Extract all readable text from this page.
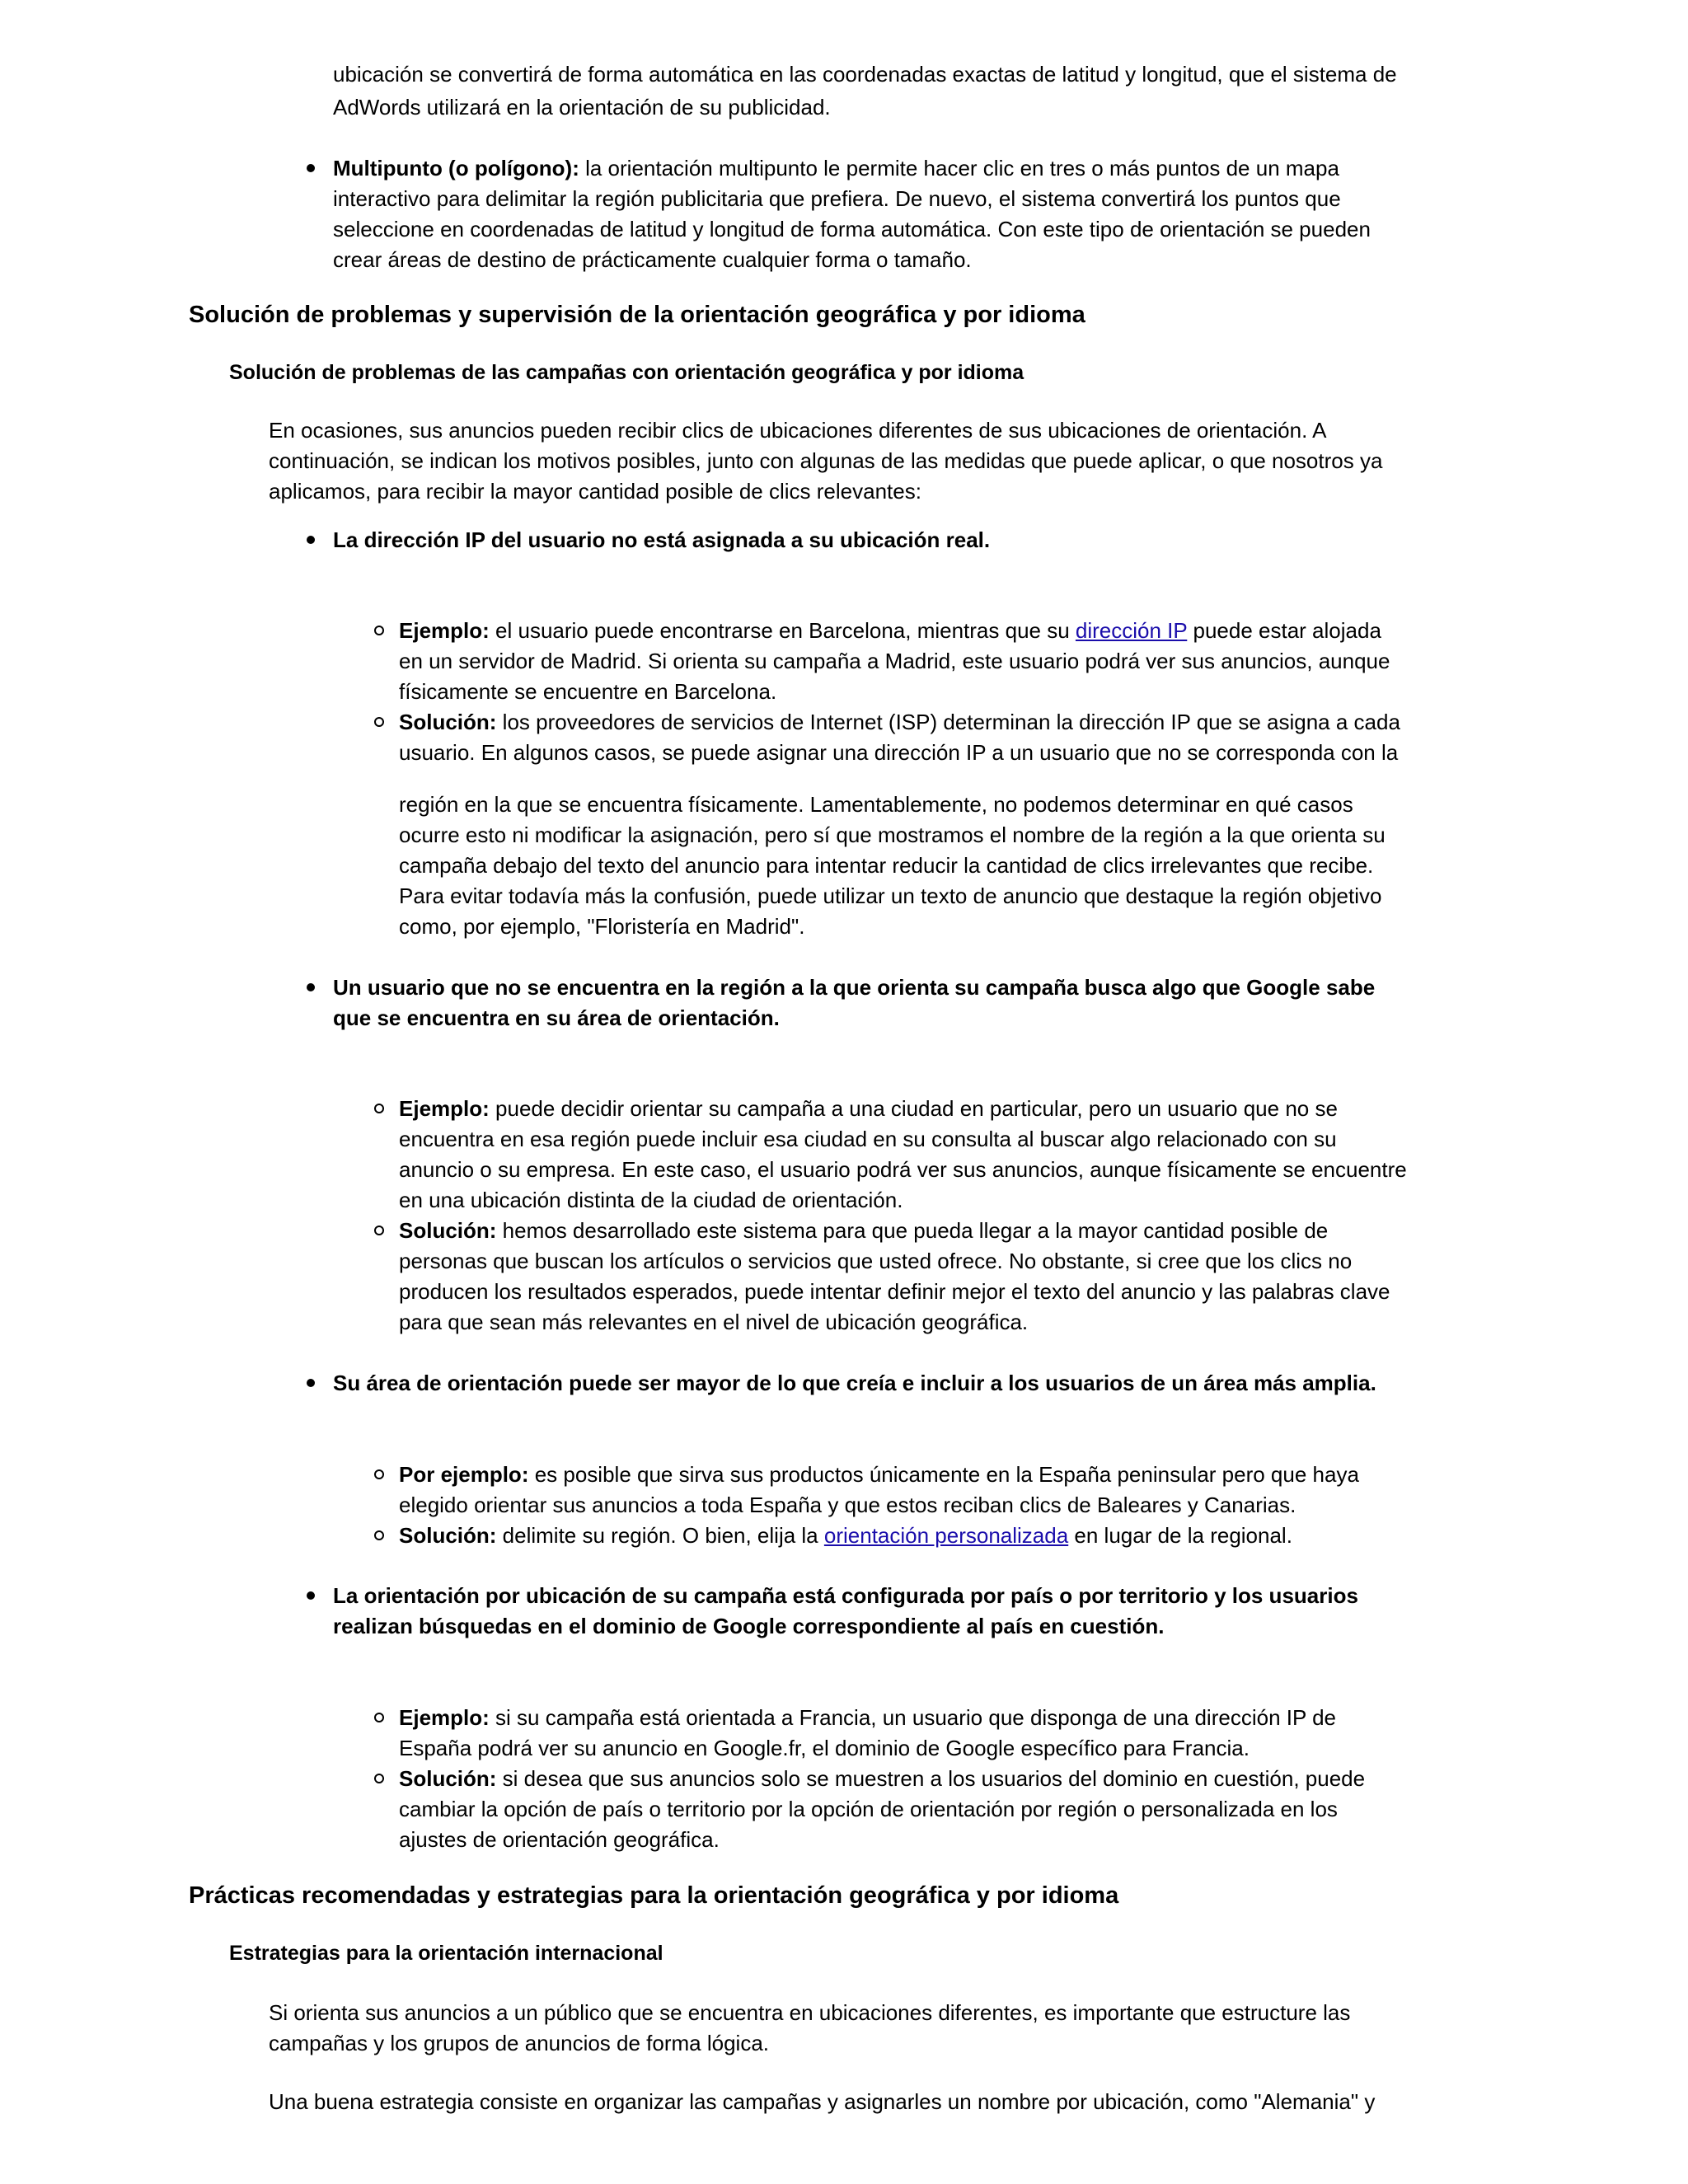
ubicación se convertirá de forma automática en las coordenadas exactas de latitud y longitud, que el sistema de

AdWords utilizará en la orientación de su publicidad.

Multipunto (o polígono): la orientación multipunto le permite hacer clic en tres o más puntos de un mapa interactivo para delimitar la región publicitaria que prefiera. De nuevo, el sistema convertirá los puntos que seleccione en coordenadas de latitud y longitud de forma automática. Con este tipo de orientación se pueden crear áreas de destino de prácticamente cualquier forma o tamaño.
Solución de problemas y supervisión de la orientación geográfica y por idioma
Solución de problemas de las campañas con orientación geográfica y por idioma

En ocasiones, sus anuncios pueden recibir clics de ubicaciones diferentes de sus ubicaciones de orientación. A continuación, se indican los motivos posibles, junto con algunas de las medidas que puede aplicar, o que nosotros ya aplicamos, para recibir la mayor cantidad posible de clics relevantes:

La dirección IP del usuario no está asignada a su ubicación real.
Ejemplo: el usuario puede encontrarse en Barcelona, mientras que su dirección IP puede estar alojada en un servidor de Madrid. Si orienta su campaña a Madrid, este usuario podrá ver sus anuncios, aunque físicamente se encuentre en Barcelona.
Solución: los proveedores de servicios de Internet (ISP) determinan la dirección IP que se asigna a cada usuario. En algunos casos, se puede asignar una dirección IP a un usuario que no se corresponda con la

región en la que se encuentra físicamente. Lamentablemente, no podemos determinar en qué casos ocurre esto ni modificar la asignación, pero sí que mostramos el nombre de la región a la que orienta su campaña debajo del texto del anuncio para intentar reducir la cantidad de clics irrelevantes que recibe. Para evitar todavía más la confusión, puede utilizar un texto de anuncio que destaque la región objetivo como, por ejemplo, "Floristería en Madrid".

Un usuario que no se encuentra en la región a la que orienta su campaña busca algo que Google sabe que se encuentra en su área de orientación.
Ejemplo: puede decidir orientar su campaña a una ciudad en particular, pero un usuario que no se encuentra en esa región puede incluir esa ciudad en su consulta al buscar algo relacionado con su anuncio o su empresa. En este caso, el usuario podrá ver sus anuncios, aunque físicamente se encuentre en una ubicación distinta de la ciudad de orientación.
Solución: hemos desarrollado este sistema para que pueda llegar a la mayor cantidad posible de personas que buscan los artículos o servicios que usted ofrece. No obstante, si cree que los clics no producen los resultados esperados, puede intentar definir mejor el texto del anuncio y las palabras clave para que sean más relevantes en el nivel de ubicación geográfica.
Su área de orientación puede ser mayor de lo que creía e incluir a los usuarios de un área más amplia.
Por ejemplo: es posible que sirva sus productos únicamente en la España peninsular pero que haya elegido orientar sus anuncios a toda España y que estos reciban clics de Baleares y Canarias.
Solución: delimite su región. O bien, elija la orientación personalizada en lugar de la regional.
La orientación por ubicación de su campaña está configurada por país o por territorio y los usuarios realizan búsquedas en el dominio de Google correspondiente al país en cuestión.
Ejemplo: si su campaña está orientada a Francia, un usuario que disponga de una dirección IP de España podrá ver su anuncio en Google.fr, el dominio de Google específico para Francia.
Solución: si desea que sus anuncios solo se muestren a los usuarios del dominio en cuestión, puede cambiar la opción de país o territorio por la opción de orientación por región o personalizada en los ajustes de orientación geográfica.
Prácticas recomendadas y estrategias para la orientación geográfica y por idioma
Estrategias para la orientación internacional

Si orienta sus anuncios a un público que se encuentra en ubicaciones diferentes, es importante que estructure las campañas y los grupos de anuncios de forma lógica.

Una buena estrategia consiste en organizar las campañas y asignarles un nombre por ubicación, como "Alemania" y
